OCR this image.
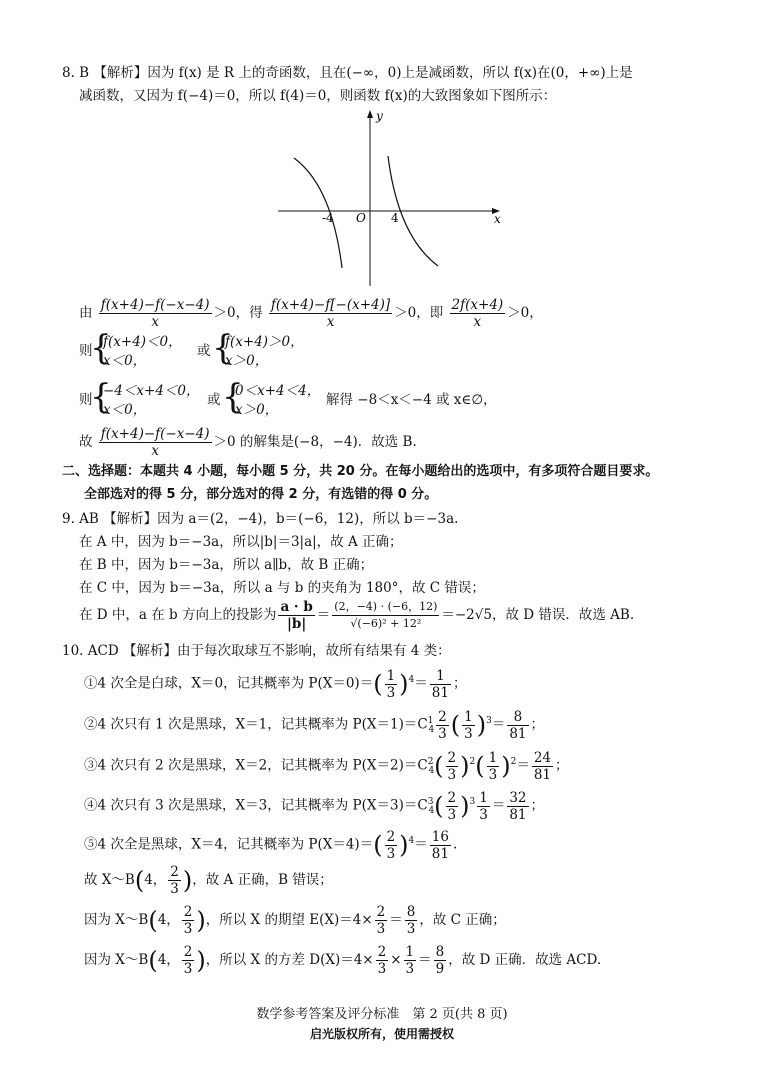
8. B 【解析】因为 f(x) 是 R 上的奇函数，且在(−∞，0)上是减函数，所以 f(x)在(0，+∞)上是
减函数，又因为 f(−4)＝0，所以 f(4)＝0，则函数 f(x)的大致图象如下图所示：
y
x
O
-4	4
由 $\frac{f(x+4)-f(-x-4)}{x} >0$，得 $\frac{f(x+4)-f[-(x+4)]}{x} >0$，即 $\frac{2f(x+4)}{x} >0$，
则
{
f(x+4)＜0，
x＜0，
或 {
f(x+4)＞0，
x＞0，
则
{
−4＜x+4＜0，
x＜0，
或 {
0＜x+4＜4，
x＞0，
解得 −8＜x＜−4 或 x∈∅，
故 $\frac{f(x+4)-f(-x-4)}{x} >0$ 的解集是(−8，−4)．故选 B.
二、选择题：本题共 4 小题，每小题 5 分，共 20 分。在每小题给出的选项中，有多项符合题目要求。
全部选对的得 5 分，部分选对的得 2 分，有选错的得 0 分。
9. AB 【解析】因为 a＝(2，−4)，b＝(−6，12)，所以 b＝−3a.
在 A 中，因为 b＝−3a，所以|b|＝3|a|，故 A 正确；
在 B 中，因为 b＝−3a，所以 a∥b，故 B 正确；
在 C 中，因为 b＝−3a，所以 a 与 b 的夹角为 180°，故 C 错误；
在 D 中，a 在 b 方向上的投影为 $\frac{a \cdot b}{|b|} = \frac{(2,-4) \cdot (-6,12)}{\text{√(−6)² + 12²}} =-2√5$，故 D 错误．故选 AB.
10. ACD 【解析】由于每次取球互不影响，故所有结果有 4 类：
①4 次全是白球，X＝0，记其概率为 $P(X=0)=( \frac{1}{3} )^4= \frac{1}{81}$ ；
②4 次只有 1 次是黑球，X＝1，记其概率为 $P(X=1)=C^1_4 \frac{2}{3}$ ( $\frac{1}{3} )^3= \frac{8}{81}$ ；
③4 次只有 2 次是黑球，X＝2，记其概率为 $P(X=2)=C^2_4( \frac{2}{3} )^2( \frac{1}{3} )^2= \frac{24}{81}$ ；
④4 次只有 3 次是黑球，X＝3，记其概率为 $P(X=3)=C^3_4( \frac{2}{3} )^3 \frac{1}{3} = \frac{32}{81}$ ；
⑤4 次全是黑球，X＝4，记其概率为 $P(X=4)=( \frac{2}{3} )^4= \frac{16}{81}$ .
故 X～B(4， $\frac{2}{3}$ )，故 A 正确，B 错误；
因为 X～B(4， $\frac{2}{3}$ )，所以 X 的期望 $E(X)=4\times \frac{2}{3} = \frac{8}{3}$ ，故 C 正确；
因为 X～B(4， $\frac{2}{3}$ )，所以 X 的方差 $D(X)=4\times \frac{2}{3} \times \frac{1}{3} = \frac{8}{9}$ ，故 D 正确．故选 ACD.
数学参考答案及评分标准　第 2 页(共 8 页)
启光版权所有，使用需授权
